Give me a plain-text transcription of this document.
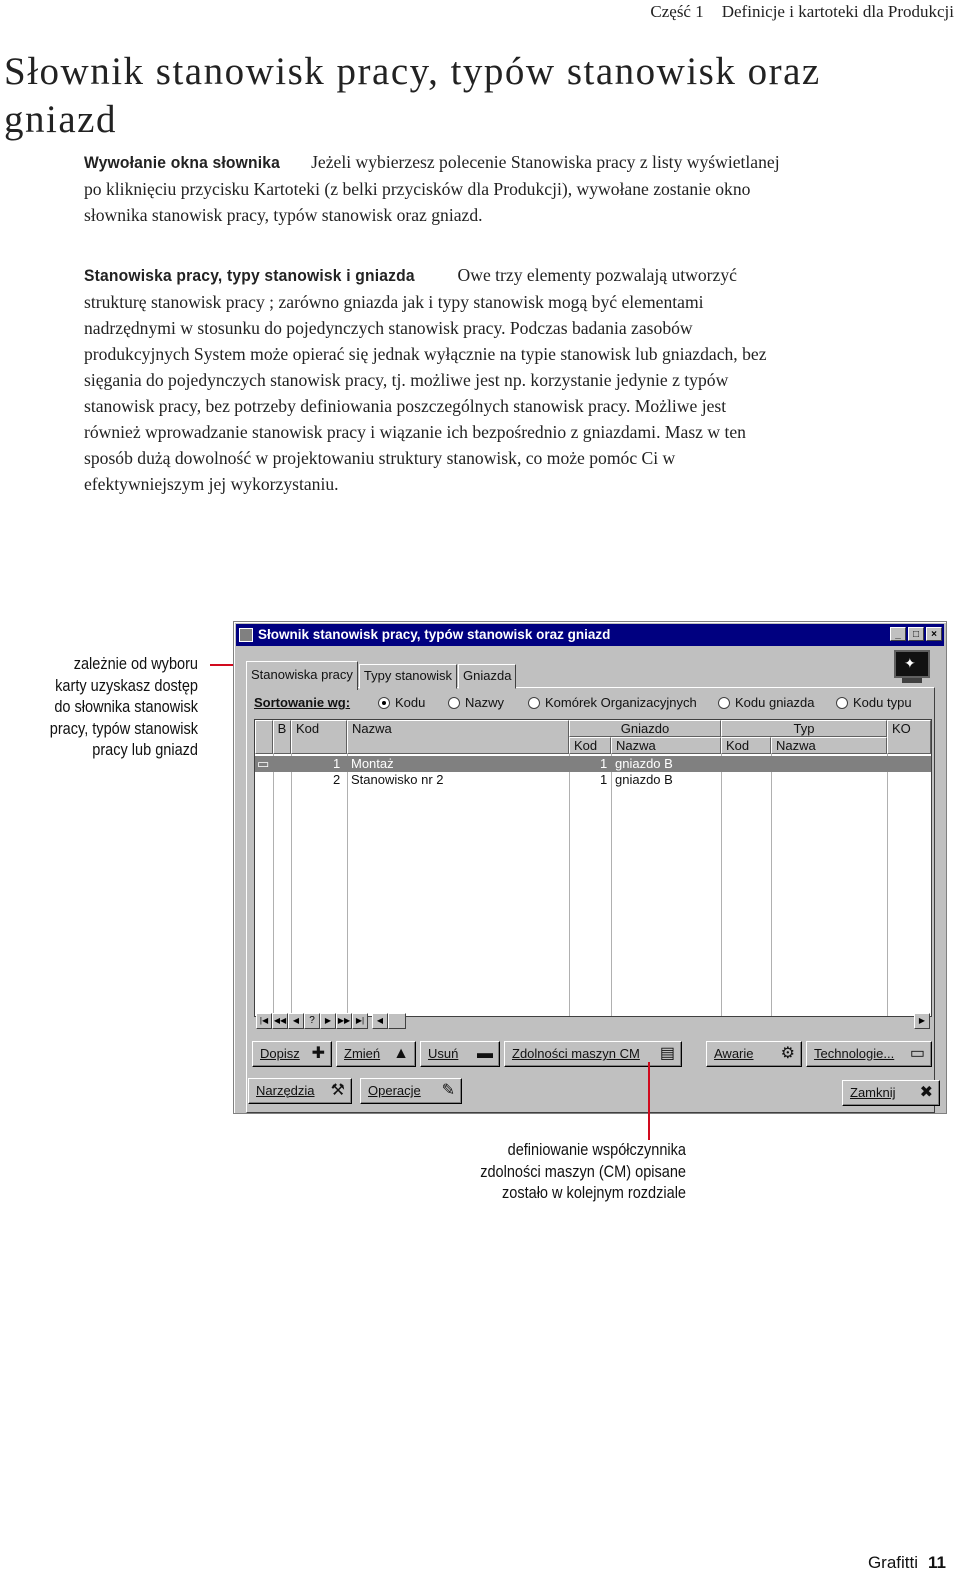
Część 1 Definicje i kartoteki dla Produkcji
Słownik stanowisk pracy, typów stanowisk oraz gniazd
Wywołanie okna słownika Jeżeli wybierzesz polecenie Stanowiska pracy z listy wyświetlanej po kliknięciu przycisku Kartoteki (z belki przycisków dla Produkcji), wywołane zostanie okno słownika stanowisk pracy, typów stanowisk oraz gniazd.
Stanowiska pracy, typy stanowisk i gniazda Owe trzy elementy pozwalają utworzyć strukturę stanowisk pracy ; zarówno gniazda jak i typy stanowisk mogą być elementami nadrzędnymi w stosunku do pojedynczych stanowisk pracy. Podczas badania zasobów produkcyjnych System może opierać się jednak wyłącznie na typie stanowisk lub gniazdach, bez sięgania do pojedynczych stanowisk pracy, tj. możliwe jest np. korzystanie jedynie z typów stanowisk pracy, bez potrzeby definiowania poszczególnych stanowisk pracy. Możliwe jest również wprowadzanie stanowisk pracy i wiązanie ich bezpośrednio z gniazdami. Masz w ten sposób dużą dowolność w projektowaniu struktury stanowisk, co może pomóc Ci w efektywniejszym jej wykorzystaniu.
zależnie od wyboru
karty uzyskasz dostęp
do słownika stanowisk
pracy, typów stanowisk
pracy lub gniazd
Słownik stanowisk pracy, typów stanowisk oraz gniazd	_	□	×
✦
Stanowiska pracy Typy stanowisk Gniazda
Sortowanie wg:	Kodu	Nazwy	Komórek Organizacyjnych	Kodu gniazda	Kodu typu
B Kod	Nazwa	Gniazdo
Kod	Nazwa
Typ
Kod	Nazwa
KO
▭	1 Montaż	1 gniazdo B
2 Stanowisko nr 2	1 gniazdo B
|◀ ◀◀ ◀	?	▶ ▶▶ ▶|	◀	▶
Dopisz ✚	Zmień ▲	Usuń ▬	Zdolności maszyn CM ▤	Awarie ⚙	Technologie... ▭
Narzędzia ⚒	Operacje ✎	Zamknij ✖
definiowanie współczynnika
zdolności maszyn (CM) opisane
zostało w kolejnym rozdziale
Grafitti 11
